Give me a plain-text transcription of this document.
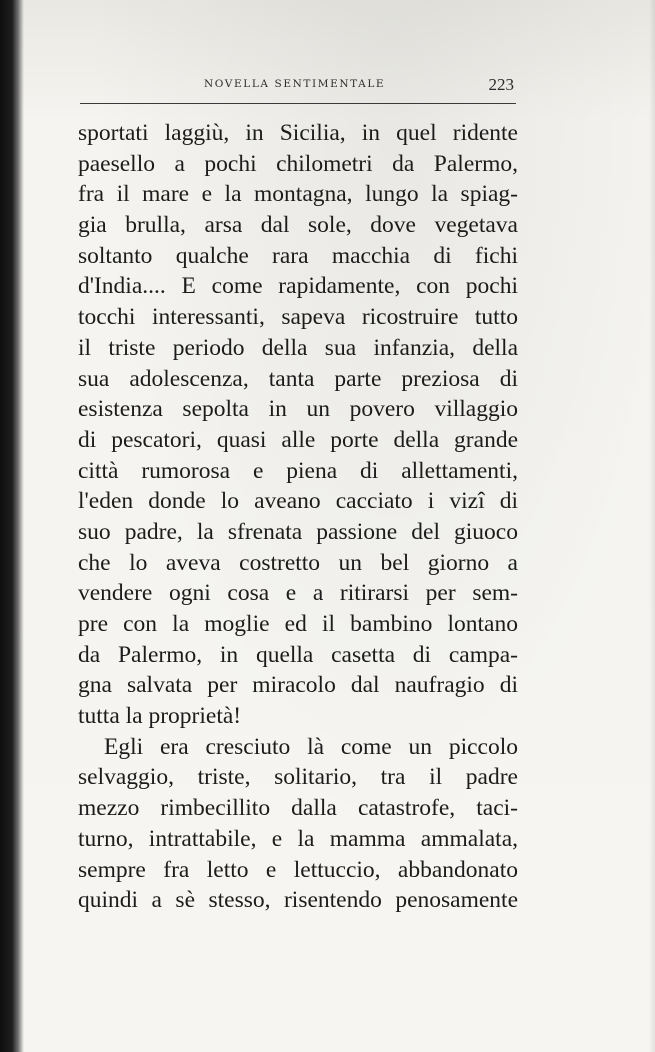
NOVELLA SENTIMENTALE	223
sportati laggiù, in Sicilia, in quel ridente
paesello a pochi chilometri da Palermo,
fra il mare e la montagna, lungo la spiag-
gia brulla, arsa dal sole, dove vegetava
soltanto qualche rara macchia di fichi
d'India.... E come rapidamente, con pochi
tocchi interessanti, sapeva ricostruire tutto
il triste periodo della sua infanzia, della
sua adolescenza, tanta parte preziosa di
esistenza sepolta in un povero villaggio
di pescatori, quasi alle porte della grande
città rumorosa e piena di allettamenti,
l'eden donde lo aveano cacciato i vizî di
suo padre, la sfrenata passione del giuoco
che lo aveva costretto un bel giorno a
vendere ogni cosa e a ritirarsi per sem-
pre con la moglie ed il bambino lontano
da Palermo, in quella casetta di campa-
gna salvata per miracolo dal naufragio di
tutta la proprietà!
Egli era cresciuto là come un piccolo
selvaggio, triste, solitario, tra il padre
mezzo rimbecillito dalla catastrofe, taci-
turno, intrattabile, e la mamma ammalata,
sempre fra letto e lettuccio, abbandonato
quindi a sè stesso, risentendo penosamente
